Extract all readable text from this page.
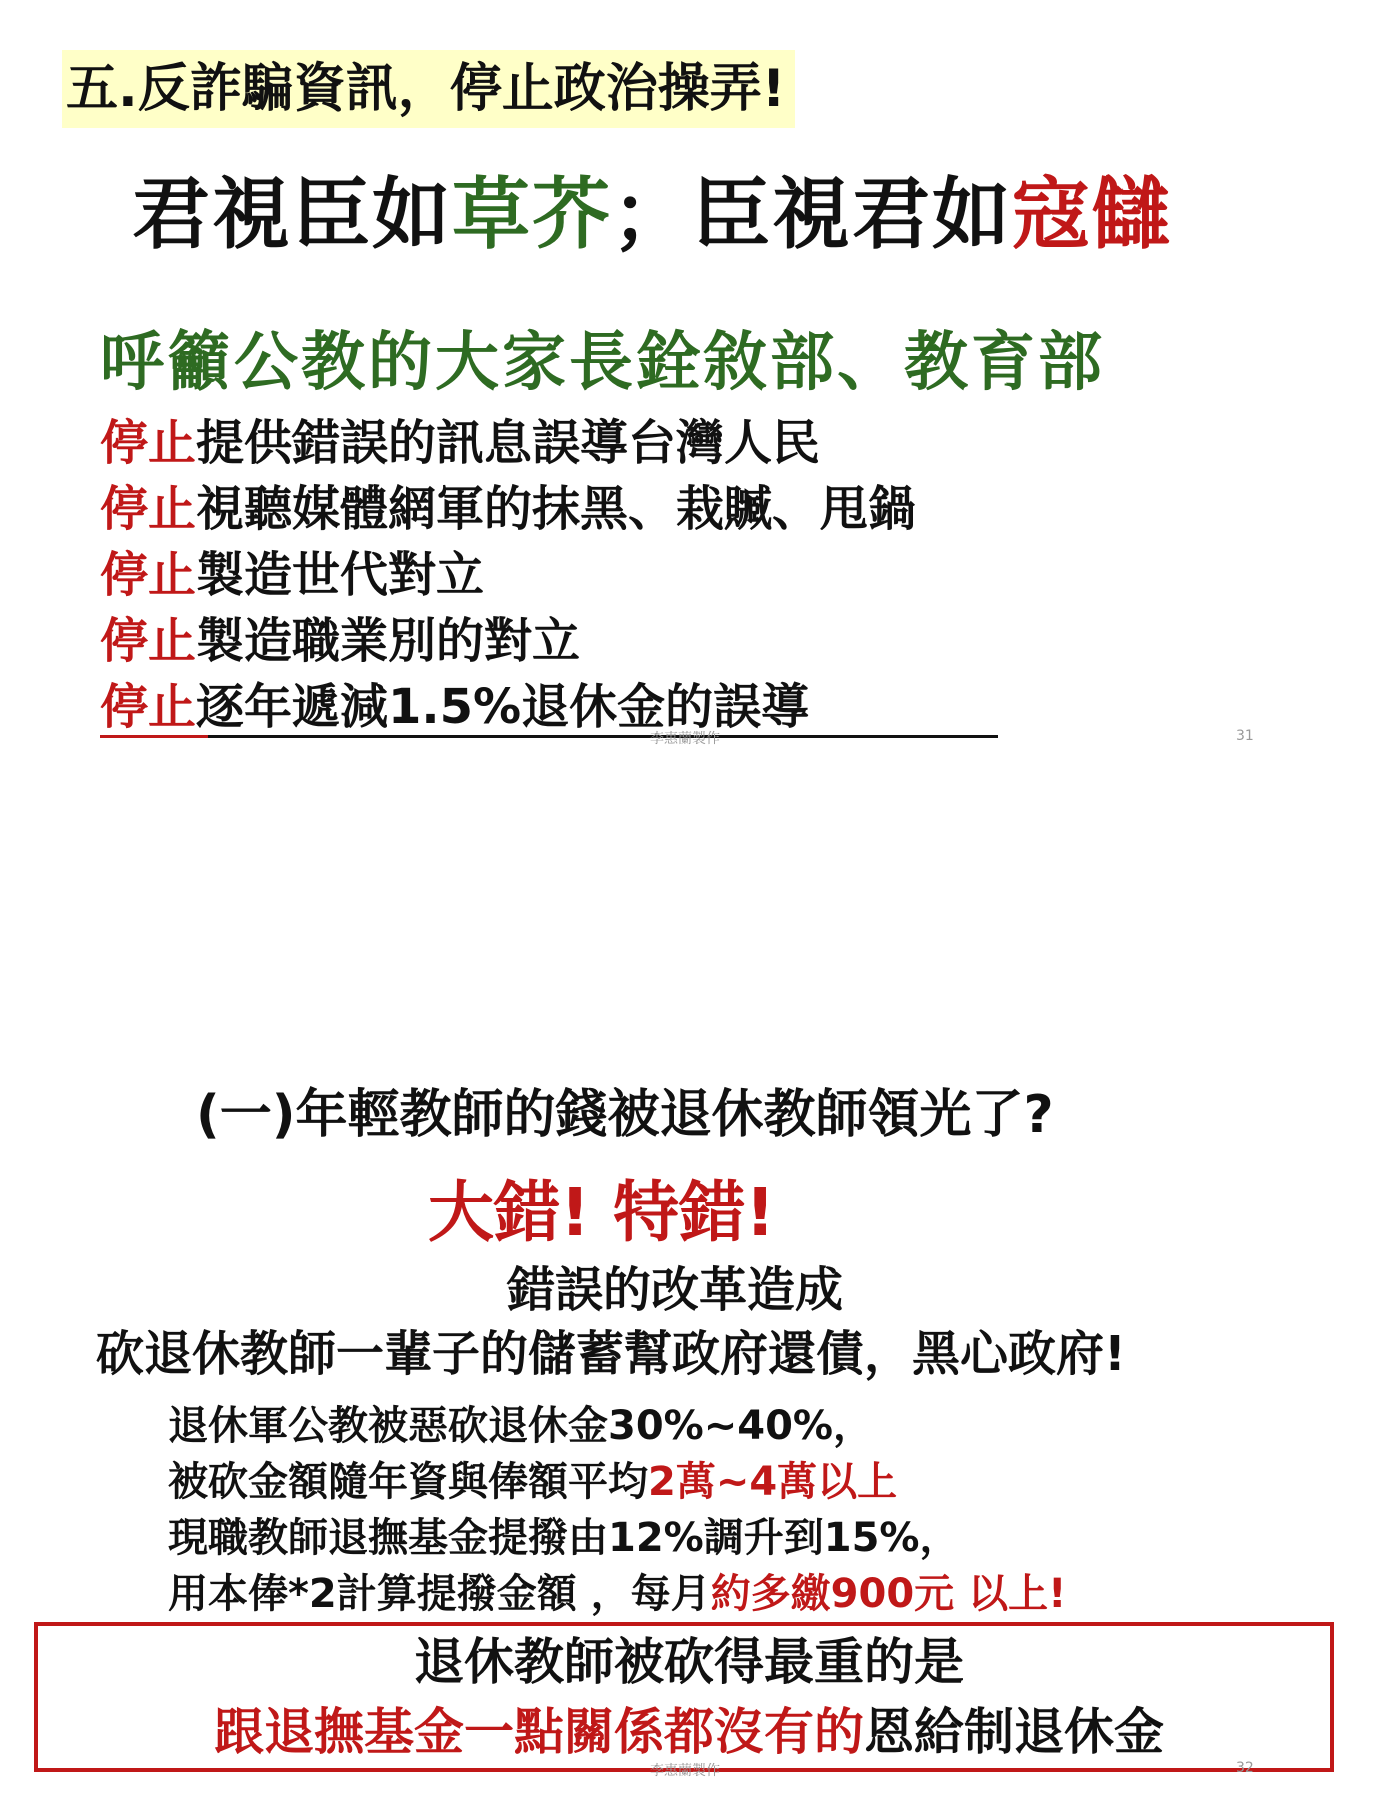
五.反詐騙資訊，停止政治操弄!
君視臣如草芥；臣視君如寇讎
呼籲公教的大家長銓敘部、教育部
停止提供錯誤的訊息誤導台灣人民
停止視聽媒體網軍的抹黑、栽贓、甩鍋
停止製造世代對立
停止製造職業別的對立
停止逐年遞減1.5%退休金的誤導
李惠蘭製作	31
(一)年輕教師的錢被退休教師領光了?
大錯! 特錯!
錯誤的改革造成
砍退休教師一輩子的儲蓄幫政府還債，黑心政府!
退休軍公教被惡砍退休金30%~40%，
被砍金額隨年資與俸額平均2萬~4萬以上
現職教師退撫基金提撥由12%調升到15%，
用本俸*2計算提撥金額 ，每月約多繳900元 以上!
退休教師被砍得最重的是
跟退撫基金一點關係都沒有的恩給制退休金
李惠蘭製作	32
